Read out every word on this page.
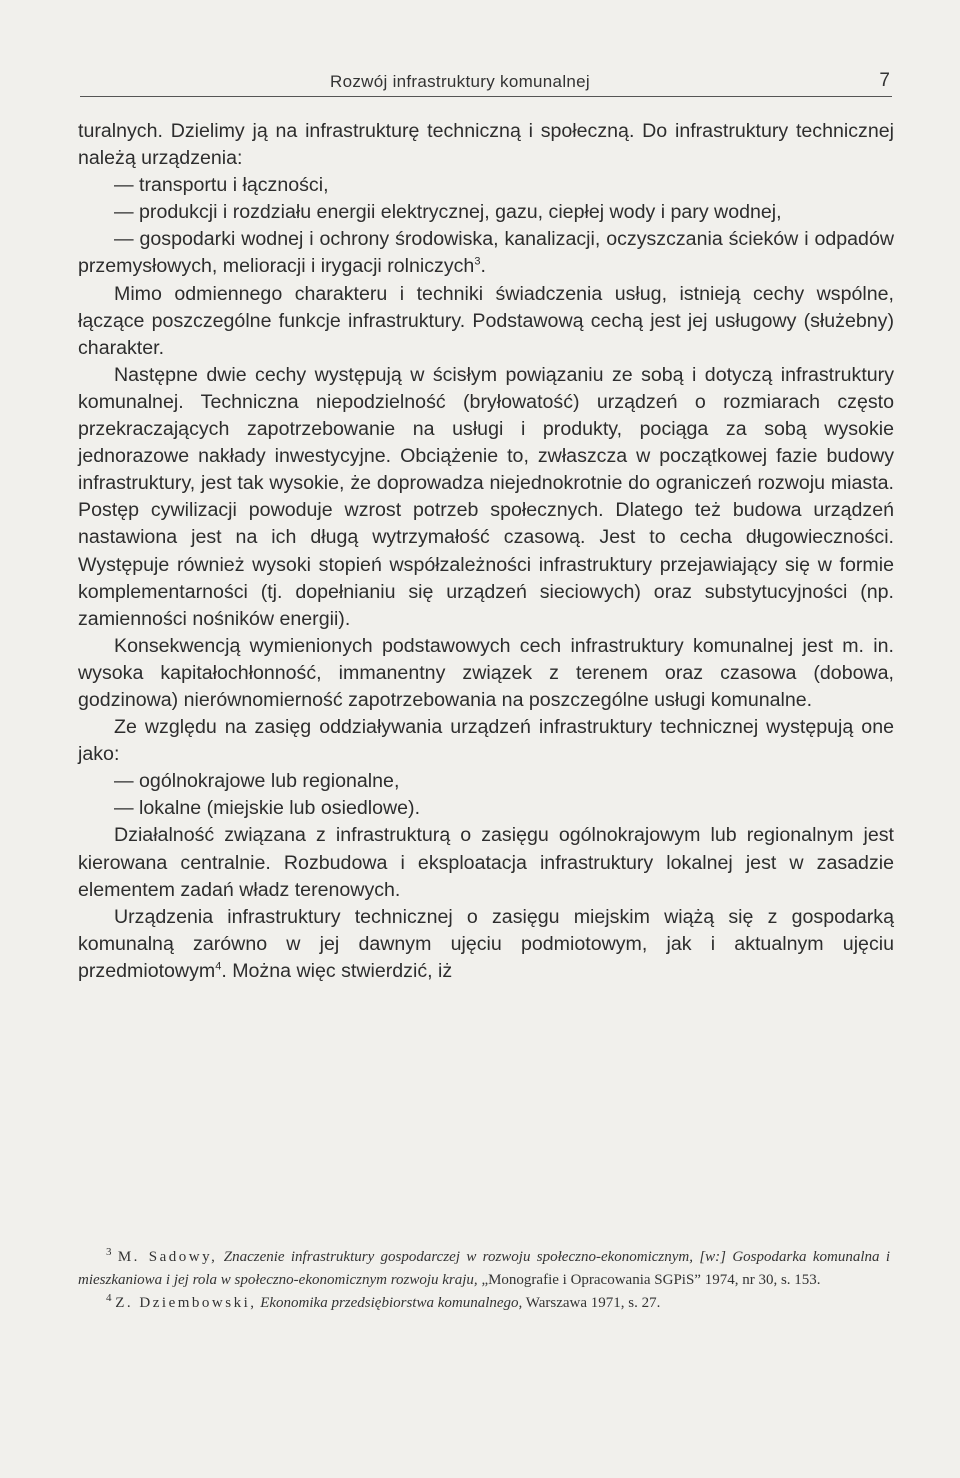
Rozwój infrastruktury komunalnej	7

turalnych. Dzielimy ją na infrastrukturę techniczną i społeczną. Do infrastruktury technicznej należą urządzenia:

— transportu i łączności,

— produkcji i rozdziału energii elektrycznej, gazu, ciepłej wody i pary wodnej,

— gospodarki wodnej i ochrony środowiska, kanalizacji, oczyszczania ścieków i odpadów przemysłowych, melioracji i irygacji rolniczych$^3$.

Mimo odmiennego charakteru i techniki świadczenia usług, istnieją cechy wspólne, łączące poszczególne funkcje infrastruktury. Podstawową cechą jest jej usługowy (służebny) charakter.

Następne dwie cechy występują w ścisłym powiązaniu ze sobą i dotyczą infrastruktury komunalnej. Techniczna niepodzielność (bryłowatość) urządzeń o rozmiarach często przekraczających zapotrzebowanie na usługi i produkty, pociąga za sobą wysokie jednorazowe nakłady inwestycyjne. Obciążenie to, zwłaszcza w początkowej fazie budowy infrastruktury, jest tak wysokie, że doprowadza niejednokrotnie do ograniczeń rozwoju miasta. Postęp cywilizacji powoduje wzrost potrzeb społecznych. Dlatego też budowa urządzeń nastawiona jest na ich długą wytrzymałość czasową. Jest to cecha długowieczności. Występuje również wysoki stopień współzależności infrastruktury przejawiający się w formie komplementarności (tj. dopełnianiu się urządzeń sieciowych) oraz substytucyjności (np. zamienności nośników energii).

Konsekwencją wymienionych podstawowych cech infrastruktury komunalnej jest m. in. wysoka kapitałochłonność, immanentny związek z terenem oraz czasowa (dobowa, godzinowa) nierównomierność zapotrzebowania na poszczególne usługi komunalne.

Ze względu na zasięg oddziaływania urządzeń infrastruktury technicznej występują one jako:

— ogólnokrajowe lub regionalne,

— lokalne (miejskie lub osiedlowe).

Działalność związana z infrastrukturą o zasięgu ogólnokrajowym lub regionalnym jest kierowana centralnie. Rozbudowa i eksploatacja infrastruktury lokalnej jest w zasadzie elementem zadań władz terenowych.

Urządzenia infrastruktury technicznej o zasięgu miejskim wiążą się z gospodarką komunalną zarówno w jej dawnym ujęciu podmiotowym, jak i aktualnym ujęciu przedmiotowym$^4$. Można więc stwierdzić, iż

$^3$ M. Sadowy, Znaczenie infrastruktury gospodarczej w rozwoju społeczno-ekonomicznym, [w:] Gospodarka komunalna i mieszkaniowa i jej rola w społeczno-ekonomicznym rozwoju kraju, „Monografie i Opracowania SGPiS” 1974, nr 30, s. 153.

$^4$ Z. Dziembowski, Ekonomika przedsiębiorstwa komunalnego, Warszawa 1971, s. 27.
